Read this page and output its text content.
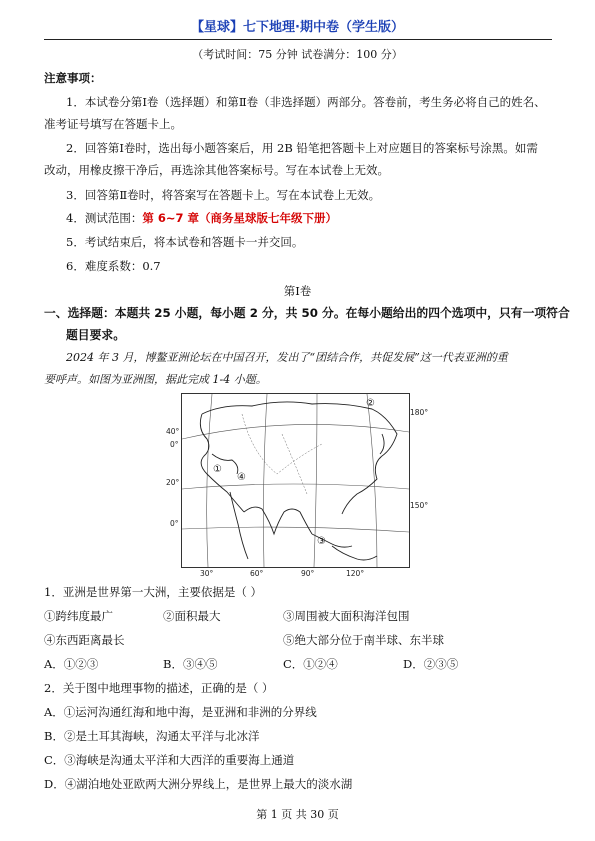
【星球】七下地理·期中卷（学生版）
（考试时间：75 分钟 试卷满分：100 分）
注意事项：
1．本试卷分第Ⅰ卷（选择题）和第Ⅱ卷（非选择题）两部分。答卷前，考生务必将自己的姓名、
准考证号填写在答题卡上。
2．回答第Ⅰ卷时，选出每小题答案后，用 2B 铅笔把答题卡上对应题目的答案标号涂黑。如需
改动，用橡皮擦干净后，再选涂其他答案标号。写在本试卷上无效。
3．回答第Ⅱ卷时，将答案写在答题卡上。写在本试卷上无效。
4．测试范围：第 6~7 章（商务星球版七年级下册）
5．考试结束后，将本试卷和答题卡一并交回。
6．难度系数：0.7
第Ⅰ卷
一、选择题：本题共 25 小题，每小题 2 分，共 50 分。在每小题给出的四个选项中，只有一项符合
题目要求。
2024 年 3 月，博鳌亚洲论坛在中国召开，发出了“团结合作，共促发展”这一代表亚洲的重
要呼声。如图为亚洲图，据此完成 1-4 小题。
②
①
④
③
40°
0°
20°
0°
180°
150°
30°	60°	90°	120°
1．亚洲是世界第一大洲，主要依据是（ ）
①跨纬度最广	②面积最大	③周围被大面积海洋包围
④东西距离最长	⑤绝大部分位于南半球、东半球
A．①②③	B．③④⑤	C．①②④	D．②③⑤
2．关于图中地理事物的描述，正确的是（ ）
A．①运河沟通红海和地中海，是亚洲和非洲的分界线
B．②是土耳其海峡，沟通太平洋与北冰洋
C．③海峡是沟通太平洋和大西洋的重要海上通道
D．④湖泊地处亚欧两大洲分界线上，是世界上最大的淡水湖
第 1 页 共 30 页
